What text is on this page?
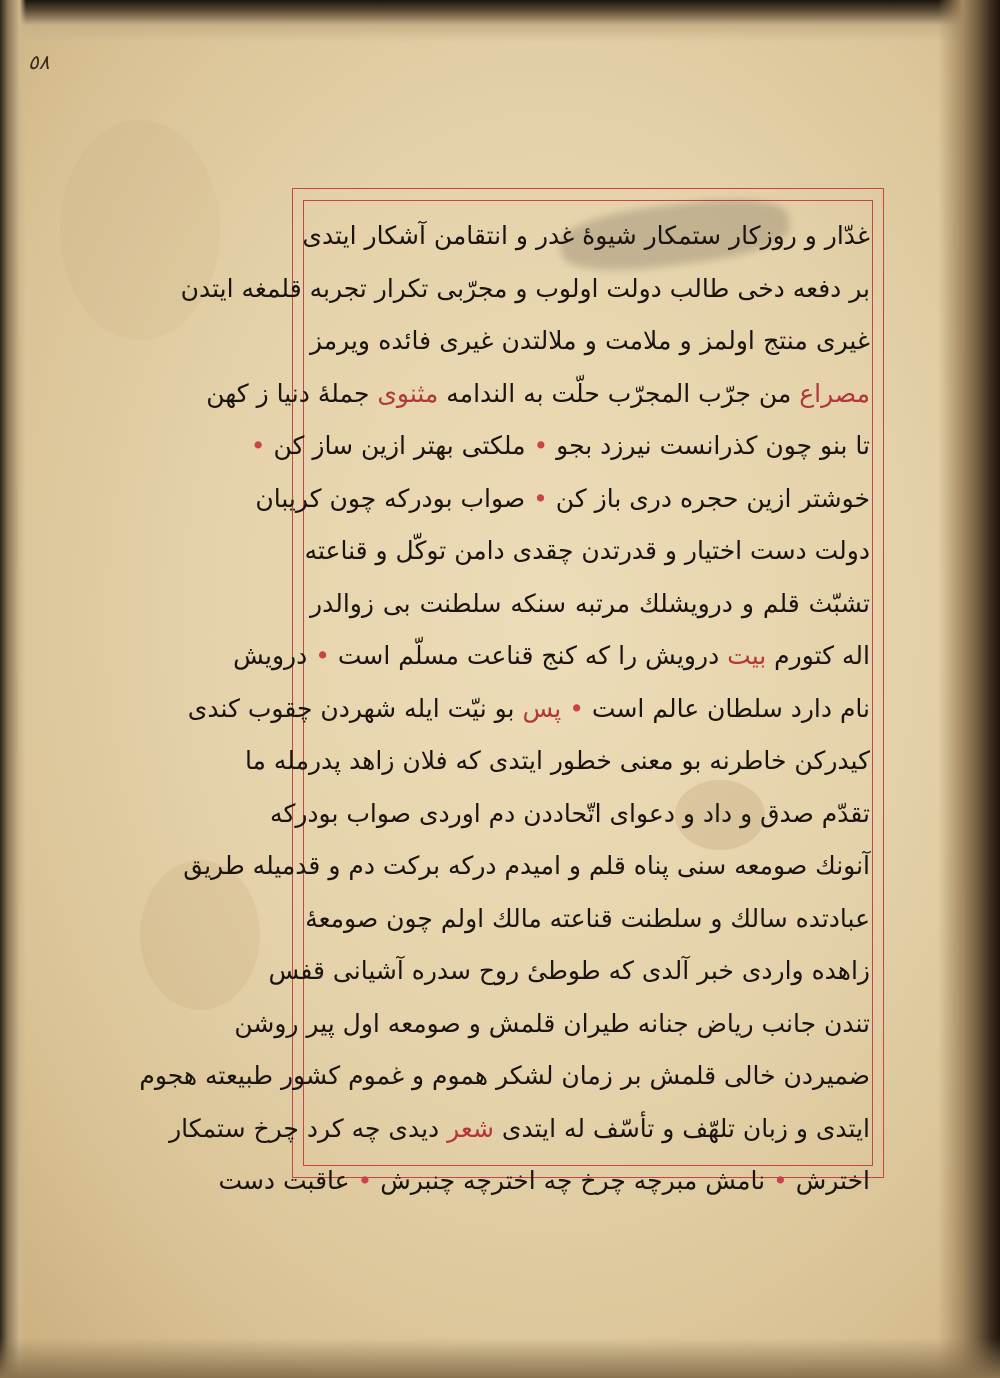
٥٨
غدّار و روزکار ستمکار شیوهٔ غدر و انتقامن آشکار ایتدی
بر دفعه دخی طالب دولت اولوب و مجرّبی تکرار تجربه قلمغه ایتدن
غیری منتج اولمز و ملامت و ملالتدن غیری فائده ویرمز
مصراع من جرّب المجرّب حلّت به الندامه مثنوی جملهٔ دنیا ز کهن
تا بنو چون کذرانست نیرزد بجو • ملکتی بهتر ازین ساز کن •
خوشتر ازین حجره دری باز کن • صواب بودرکه چون کریبان
دولت دست اختیار و قدرتدن چقدی دامن توکّل و قناعته
تشبّث قلم و درویشلك مرتبه سنکه سلطنت بی زوالدر
اله کتورم بیت درویش را که کنج قناعت مسلّم است • درویش
نام دارد سلطان عالم است • پس بو نیّت ایله شهردن چقوب کندی
کیدرکن خاطرنه بو معنی خطور ایتدی که فلان زاهد پدرمله ما
تقدّم صدق و داد و دعوای اتّحاددن دم اوردی صواب بودرکه
آنونك صومعه سنی پناه قلم و امیدم درکه برکت دم و قدمیله طریق
عبادتده سالك و سلطنت قناعته مالك اولم چون صومعهٔ
زاهده واردی خبر آلدی که طوطیٔ روح سدره آشیانی قفس
تندن جانب ریاض جنانه طیران قلمش و صومعه اول پیر روشن
ضمیردن خالی قلمش بر زمان لشکر هموم و غموم کشور طبیعته هجوم
ایتدی و زبان تلهّف و تأسّف له ایتدی شعر دیدی چه کرد چرخ ستمکار
اخترش • نامش مبرچه چرخ چه اخترچه چنبرش • عاقبت دست
